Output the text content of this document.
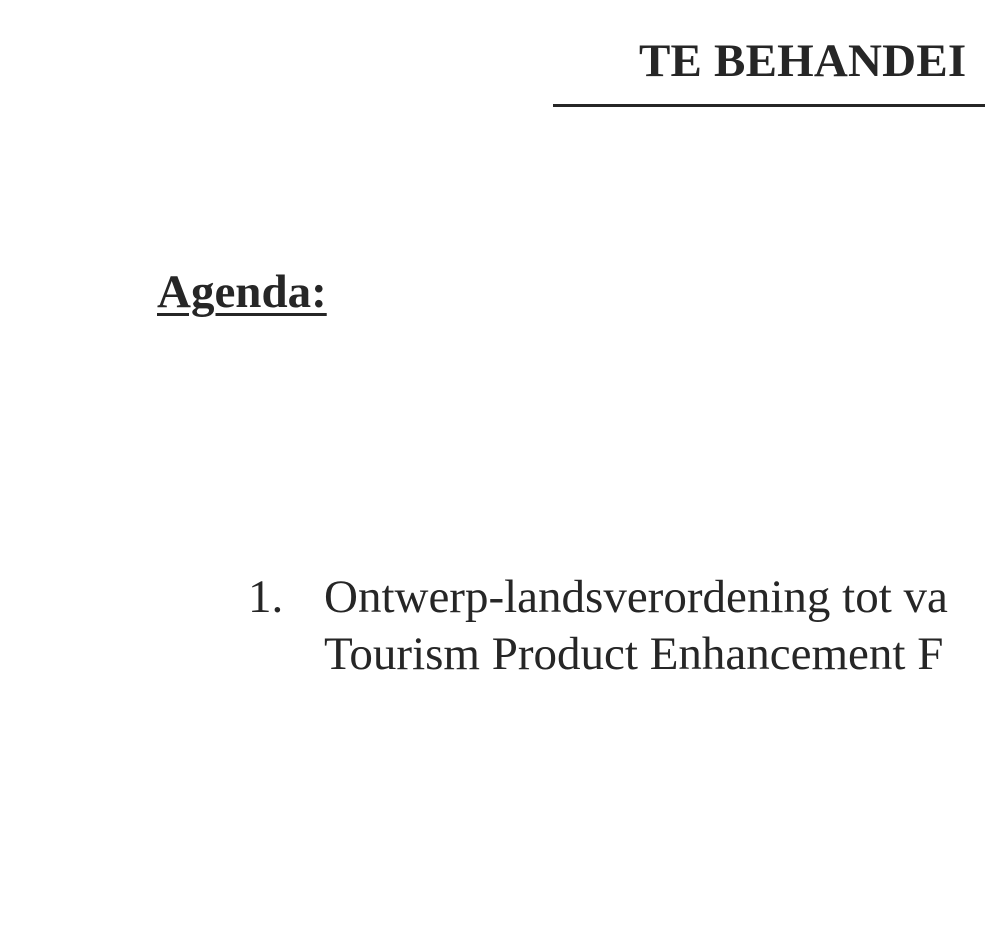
TE BEHANDEI
Agenda:
1. Ontwerp-landsverordening tot va
Tourism Product Enhancement F
